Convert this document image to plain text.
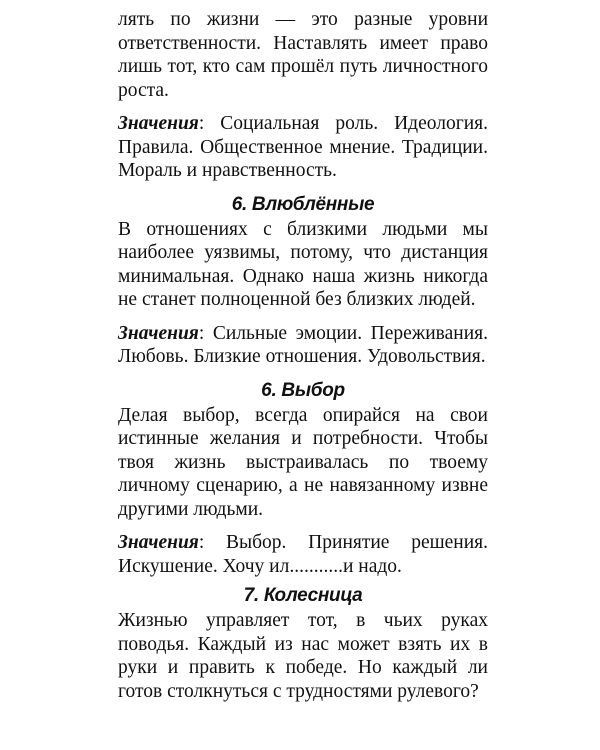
лять по жизни — это разные уровни ответственности. Наставлять имеет право лишь тот, кто сам прошёл путь личностного роста.

Значения: Социальная роль. Идеология. Правила. Общественное мнение. Традиции. Мораль и нравственность.

6. Влюблённые

В отношениях с близкими людьми мы наиболее уязвимы, потому, что дистанция минимальная. Однако наша жизнь никогда не станет полноценной без близких людей.

Значения: Сильные эмоции. Переживания. Любовь. Близкие отношения. Удовольствия.

6. Выбор

Делая выбор, всегда опирайся на свои истинные желания и потребности. Чтобы твоя жизнь выстраивалась по твоему личному сценарию, а не навязанному извне другими людьми.

Значения: Выбор. Принятие решения. Искушение. Хочу ил...........и надо.

7. Колесница

Жизнью управляет тот, в чьих руках поводья. Каждый из нас может взять их в руки и править к победе. Но каждый ли готов столкнуться с трудностями рулевого?
